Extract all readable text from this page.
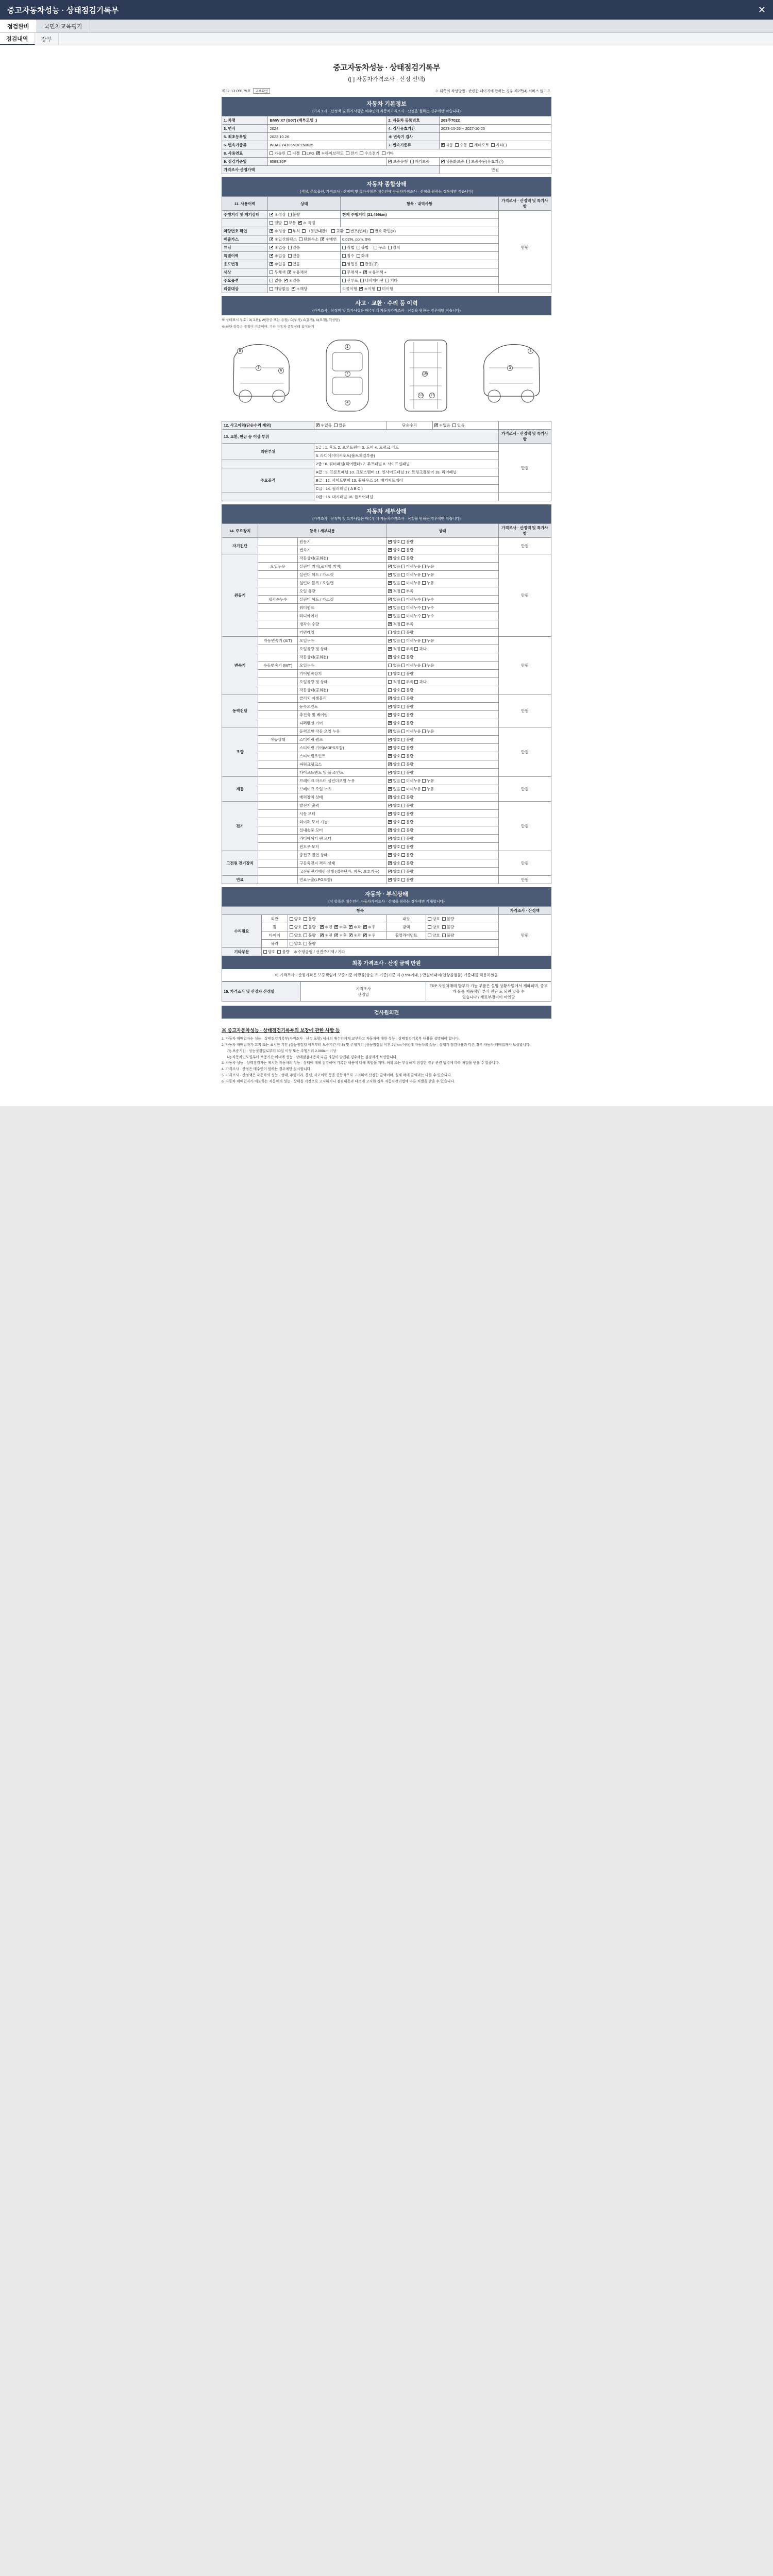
중고자동차성능 · 상태점검기록부	✕
점검완비	국민차교육평가
점검내역	장부
중고자동차성능 · 상태점검기록부
([ ] 자동차가격조사 · 산정 선택)
제32-13-09175호	교부확인	※ 뒤쪽의 작성방법 · 관련한 페이지에 합하는 경우 제2쪽(4) 서비스 없고요.
자동차 기본정보
(가격조사 · 산정액 및 특가사항은 매수인에 자동차가격조사 · 산정을 원하는 경우에만 적습니다)
1. 차명	BMW X7 (G07) (배부모델 :)	2. 자동차 등록번호	203주7022
3. 연식	2024	4. 검사유효기간	2023-10-26 ~ 2027-10-25
5. 최초등록일	2023.10.26	＊ 변속기 검사	
6. 변속기종류	WBACY4106M9P750625	7. 변속기종류	✔자동 수동 세미오토 기타( )
8. 사용연료	가솔린 디젤 LPG ✔ ＊하이브리드 전기 수소전기 기타
9. 점검기준일	8588.30P	✔보증유형 자기보증	✔상품화보증 보증수단(유효기간)
가격조사·산정가액			만원
자동차 종합상태
(색상, 주요옵션, 가격조사 · 산정액 및 특가사항은 매수인에 자동차가격조사 · 산정을 원하는 경우에만 적습니다)
11. 사용이력	상태	항목 · 내역사항	가격조사 · 산정액 및 특가사항
주행거리 및 계기상태	✔＊정상 불량	현재 주행거리 (21,499km)	만원
	일말 보통 ✔ ＊ 특정	
차량번호 확인	✔＊정상 부식 （동반내판） 교환 변조(변타) 번호 확인(X)
배출가스	✔＊일산화탄소 탄화수소 ✔ ＊매연	0.02%, ppm, 0%	
튜닝	✔＊없음 있음	적법 불법 구조 장치	
특별이력	✔＊없음 있음	침수 화재	
용도변경	✔＊없음 있음	영업용 관용(공)	
색상	무채색 ✔ ＊유채색	무채색 + ✔ ＊유채색 +
주요옵션	없음 ✔ ＊있음	선루프 내비게이션 기타	
리콜대상	해당없음 ✔ ＊해당	리콜이행 ✔ ＊이행 미이행	
사고 · 교환 · 수리 등 이력
(가격조사 · 산정액 및 특가사항은 매수인에 자동차가격조사 · 산정을 원하는 경우에만 적습니다)
※ 상태표시 부호 : X(교환), W(판금 또는 용접), C(부식), A(흠집), U(요철), T(상담)
※ 하단 항목은 품질이 기준이며, 기타 자동차 종합상태 참여하게
8
3
6
1
7
4
16
13 17
8
3
12. 사고이력(단순수리 제외)	✔＊없음 있음	단순수리	✔＊없음 있음	
13. 교환, 판금 등 이상 부위				가격조사 · 산정액 및 특가사항
외판부위	1급 : 1. 후드 2. 프론트펜더 3. 도어 4. 트렁크 리드			만원
	5. 라디에이터서포트(볼트체결부품)			
	2급 : 6. 쿼터패널(리어펜더) 7. 루프패널 8. 사이드실패널			
주요골격	A급 : 9. 프론트패널 10. 크로스멤버 11. 인사이드패널 17. 트렁크플로어 18. 리어패널			
	B급 : 12. 사이드멤버 13. 휠하우스 14. 패키지트레이			
	C급 : 14. 필러패널 ( A B C )			
	D급 : 15. 대시패널 16. 플로어패널			
자동차 세부상태
(가격조사 · 산정액 및 특가사항은 매수인에 자동차가격조사 · 산정을 원하는 경우에만 적습니다)
14. 주요장치	항목 / 세부내용		상태	가격조사 · 산정액 및 특가사항
자기진단		원동기	✔양호 불량	만원
		변속기	✔양호 불량
원동기		작동상태(공회전)	✔양호 불량	만원
	오일누유	실린더 커버(로커암 커버)	✔없음 미세누유 누유
		실린더 헤드 / 가스켓	✔없음 미세누유 누유
		실린더 블록 / 오일팬	✔없음 미세누유 누유
		오일 유량	✔적정 부족
	냉각수누수	실린더 헤드 / 가스켓	✔없음 미세누수 누수
		워터펌프	✔없음 미세누수 누수
		라디에이터	✔없음 미세누수 누수
		냉각수 수량	✔적정 부족
		커먼레일	양호 불량	
변속기	자동변속기 (A/T)	오일누유	✔없음 미세누유 누유	만원
		오일유량 및 상태	✔적정 부족 과다
		작동상태(공회전)	✔양호 불량
	수동변속기 (M/T)	오일누유	없음 미세누유 누유	
		기어변속장치	양호 불량	
		오일유량 및 상태	적정 부족 과다	
		작동상태(공회전)	양호 불량	
동력전달		클러치 어셈블리	✔양호 불량	만원
		등속조인트	✔양호 불량
		추진축 및 베어링	✔양호 불량
		디퍼렌셜 기어	✔양호 불량
조향		동력조향 작동 오일 누유	✔없음 미세누유 누유	만원
	작동상태	스티어링 펌프	✔양호 불량
		스티어링 기어(MDPS포함)	✔양호 불량
		스티어링조인트	✔양호 불량
		파워크랭크스	✔양호 불량
		타이로드엔드 및 볼 조인트	✔양호 불량
제동		브레이크 마스터 실린더오일 누유	✔없음 미세누유 누유	만원
		브레이크 오일 누유	✔없음 미세누유 누유
		배력장치 상태	✔양호 불량
전기		발전기 출력	✔양호 불량	만원
		시동 모터	✔양호 불량
		와이퍼 모터 기능	✔양호 불량
		실내송풍 모터	✔양호 불량
		라디에이터 팬 모터	✔양호 불량
		윈도우 모터	✔양호 불량
고전원 전기장치		충전구 절연 상태	✔양호 불량	만원
		구동축전지 격리 상태	✔양호 불량
		고전원전기배선 상태 (접속단자, 피복, 보호기구)	✔양호 불량
연료		연료누출(LPG포함)	✔양호 불량	만원
자동차 · 부식상태
(이 항목은 매수인이 자동차가격조사 · 산정을 원하는 경우에만 기재합니다)
항목					가격조사 · 산정액
수리필요	외관	양호 불량	내장	양호 불량	만원
	휠	양호 불량 ✔ ＊전 ✔ ＊후 ✔ ＊좌 ✔ ＊우	광택	양호 불량	
	타이어	양호 불량 ✔ ＊전 ✔ ＊후 ✔ ＊좌 ✔ ＊우	휠얼라이먼트	양호 불량	
	유리	양호 불량			
기타부분	양호 불량 ＊수평균형 / 선진주기액 / 기타				
최종 가격조사 · 산정 금액 만원
이 가격조사 · 산정가격은 보증책임에 보증기준 이행율(상승 유 기준)기준 시 (15%이내, ) 만원이내이(인상율별품) 기준내를 적용하였음
15. 가격조사 및 산정자 산정일	가격조사
산정일	FRP 자동차매매 탈부하 기능 부품은 설명 상황사법에서 제파피며, 중고가 물품 제품적인 부식 진단 도 되면 맞을 수
있습니다 / 재료부경미이 마인당
검사원의견
※ 중고자동차성능 · 상태점검기록부의 보장에 관한 사항 등
1. 자동차 매매업자는 성능 · 상태점검기록부(가격조사 · 산정 포함) 제시의 매수인에게 교부하고 자동차에 대한 성능 · 상태점검기록부 내용을 설명해야 합니다.
2. 자동차 매매업자가 고지 또는 표시한 기간 (성능점검일 이후부터 보증기간 이내) 및 주행거리 (성능점검일 이후 2만km 이내)에 자동차의 성능 · 상태가 점검내용과 다른 경우 자동차 매매업자가 보상합니다.
가) 보증기간 : 성능점검일로부터 30일 이상 또는 주행거리 2,000km 이상
나) 자동차인도일부터 보증기간 이내에 성능 · 상태점검내용과 다른 사항이 발견된 경우에는 점검자가 보상합니다.
3. 자동차 성능 · 상태점검자는 제시한 자동차의 성능 · 상태에 대해 점검하여 기록한 내용에 대해 책임을 지며, 허위 또는 부실하게 점검한 경우 관련 법령에 따라 처벌을 받을 수 있습니다.
4. 가격조사 · 산정은 매수인이 원하는 경우에만 실시합니다.
5. 가격조사 · 산정액은 자동차의 성능 · 상태, 주행거리, 옵션, 사고이력 등을 종합적으로 고려하여 산정한 금액이며, 실제 매매 금액과는 다를 수 있습니다.
6. 자동차 매매업자가 매도하는 자동차의 성능 · 상태를 거짓으로 고지하거나 점검내용과 다르게 고지한 경우 자동차관리법에 따른 처벌을 받을 수 있습니다.
